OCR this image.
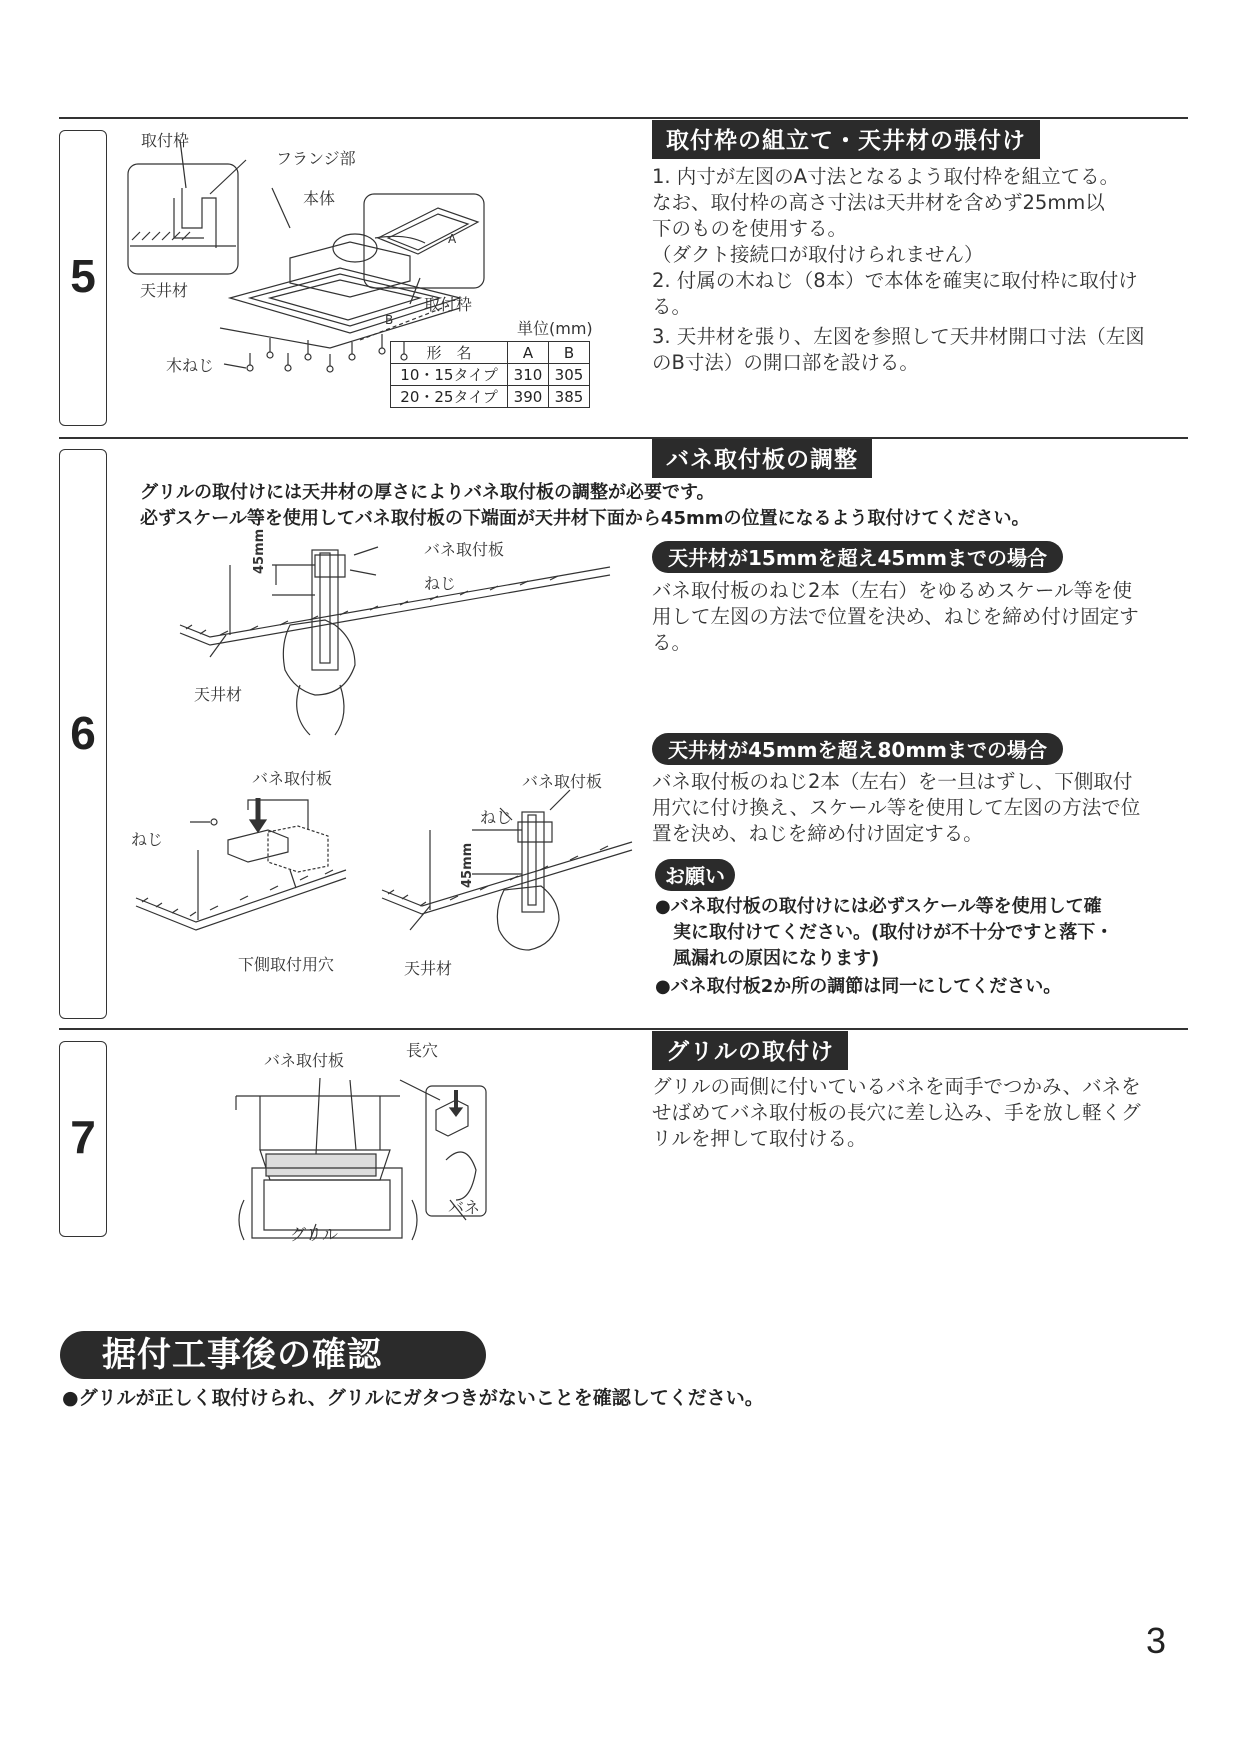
5
取付枠の組立て・天井材の張付け
1. 内寸が左図のA寸法となるよう取付枠を組立てる。
なお、取付枠の高さ寸法は天井材を含めず25mm以
下のものを使用する。
（ダクト接続口が取付けられません）
2. 付属の木ねじ（8本）で本体を確実に取付枠に取付け
る。
3. 天井材を張り、左図を参照して天井材開口寸法（左図
のB寸法）の開口部を設ける。
取付枠
フランジ部
本体
天井材
取付枠
木ねじ
A
B	単位(mm)
形　名	A	B
10・15タイプ	310	305
20・25タイプ	390	385
6
バネ取付板の調整
グリルの取付けには天井材の厚さによりバネ取付板の調整が必要です。
必ずスケール等を使用してバネ取付板の下端面が天井材下面から45mmの位置になるよう取付けてください。
天井材が15mmを超え45mmまでの場合
バネ取付板のねじ2本（左右）をゆるめスケール等を使
用して左図の方法で位置を決め、ねじを締め付け固定す
る。
天井材が45mmを超え80mmまでの場合
バネ取付板のねじ2本（左右）を一旦はずし、下側取付
用穴に付け換え、スケール等を使用して左図の方法で位
置を決め、ねじを締め付け固定する。
お願い
●バネ取付板の取付けには必ずスケール等を使用して確
　実に取付けてください。(取付けが不十分ですと落下・
　風漏れの原因になります)
●バネ取付板2か所の調節は同一にしてください。
バネ取付板
ねじ
天井材
45mm
バネ取付板
ねじ
下側取付用穴
バネ取付板
ねじ
45mm
天井材
7
グリルの取付け
グリルの両側に付いているバネを両手でつかみ、バネを
せばめてバネ取付板の長穴に差し込み、手を放し軽くグ
リルを押して取付ける。
バネ取付板
長穴
バネ
グリル
据付工事後の確認
●グリルが正しく取付けられ、グリルにガタつきがないことを確認してください。
3
